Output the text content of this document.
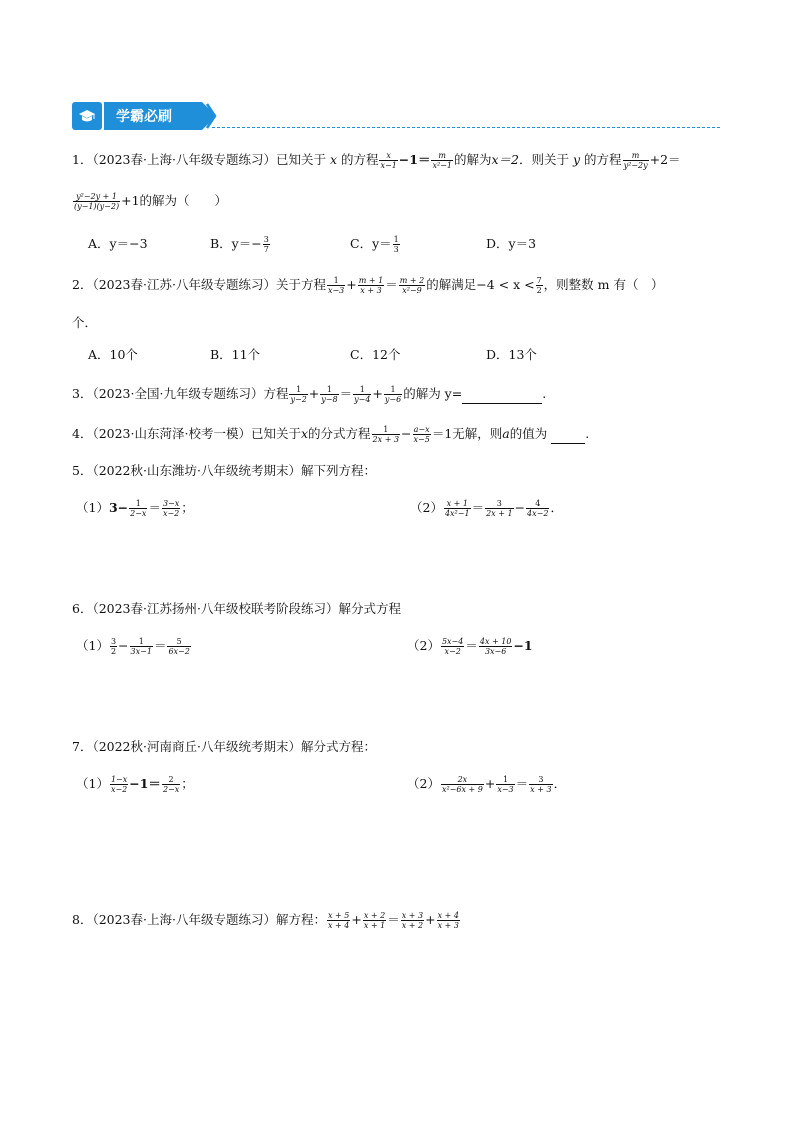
学霸必刷
1．（2023春·上海·八年级专题练习）已知关于 x 的方程 $\frac{x}{x-1} -1= \frac{m}{\text{x²−1}}$ 的解为x＝2．则关于 y 的方程 $\frac{m}{\text{y²−2y}} +2=$
$\frac{\text{y²−2y + 1}}{(y-1)(y-2)} +1$的解为（　　）
A．y＝−3	B．$y=- \frac{3}{7}$	C．$y= \frac{1}{3}$	D．y＝3
2．（2023春·江苏·八年级专题练习）关于方程 $\frac{1}{x-3} + \frac{m + 1}{x + 3} = \frac{m + 2}{\text{x²−9}}$ 的解满足$-4 < x < \frac{7}{2}$ ，则整数 m 有（　）
个．
A．10个	B．11个	C．12个	D．13个
3．（2023·全国·九年级专题练习）方程 $\frac{1}{y-2} + \frac{1}{y-8} = \frac{1}{y-4} + \frac{1}{y-6}$ 的解为 y=	.
4．（2023·山东菏泽·校考一模）已知关于x的分式方程 $\frac{1}{2x + 3} - \frac{a-x}{x-5} =1$无解，则a的值为	.
5．（2022秋·山东潍坊·八年级统考期末）解下列方程：
$(1)3- \frac{1}{2-x} = \frac{3-x}{x-2}$ ；	$(2) \frac{x + 1}{\text{4x²−1}} = \frac{3}{2x + 1} - \frac{4}{4x-2}$ ．
6．（2023春·江苏扬州·八年级校联考阶段练习）解分式方程
$(1) \frac{3}{2} - \frac{1}{3x-1} = \frac{5}{6x-2}$	$(2) \frac{5x-4}{x-2} = \frac{4x + 10}{3x-6} -1$
7．（2022秋·河南商丘·八年级统考期末）解分式方程：
$(1) \frac{1-x}{x-2} -1= \frac{2}{2-x}$ ；	$(2) \frac{2x}{\text{x²−6x + 9}} + \frac{1}{x-3} = \frac{3}{x + 3}$ ．
8．（2023春·上海·八年级专题练习）解方程： $\frac{x + 5}{x + 4} + \frac{x + 2}{x + 1} = \frac{x + 3}{x + 2} + \frac{x + 4}{x + 3}$
